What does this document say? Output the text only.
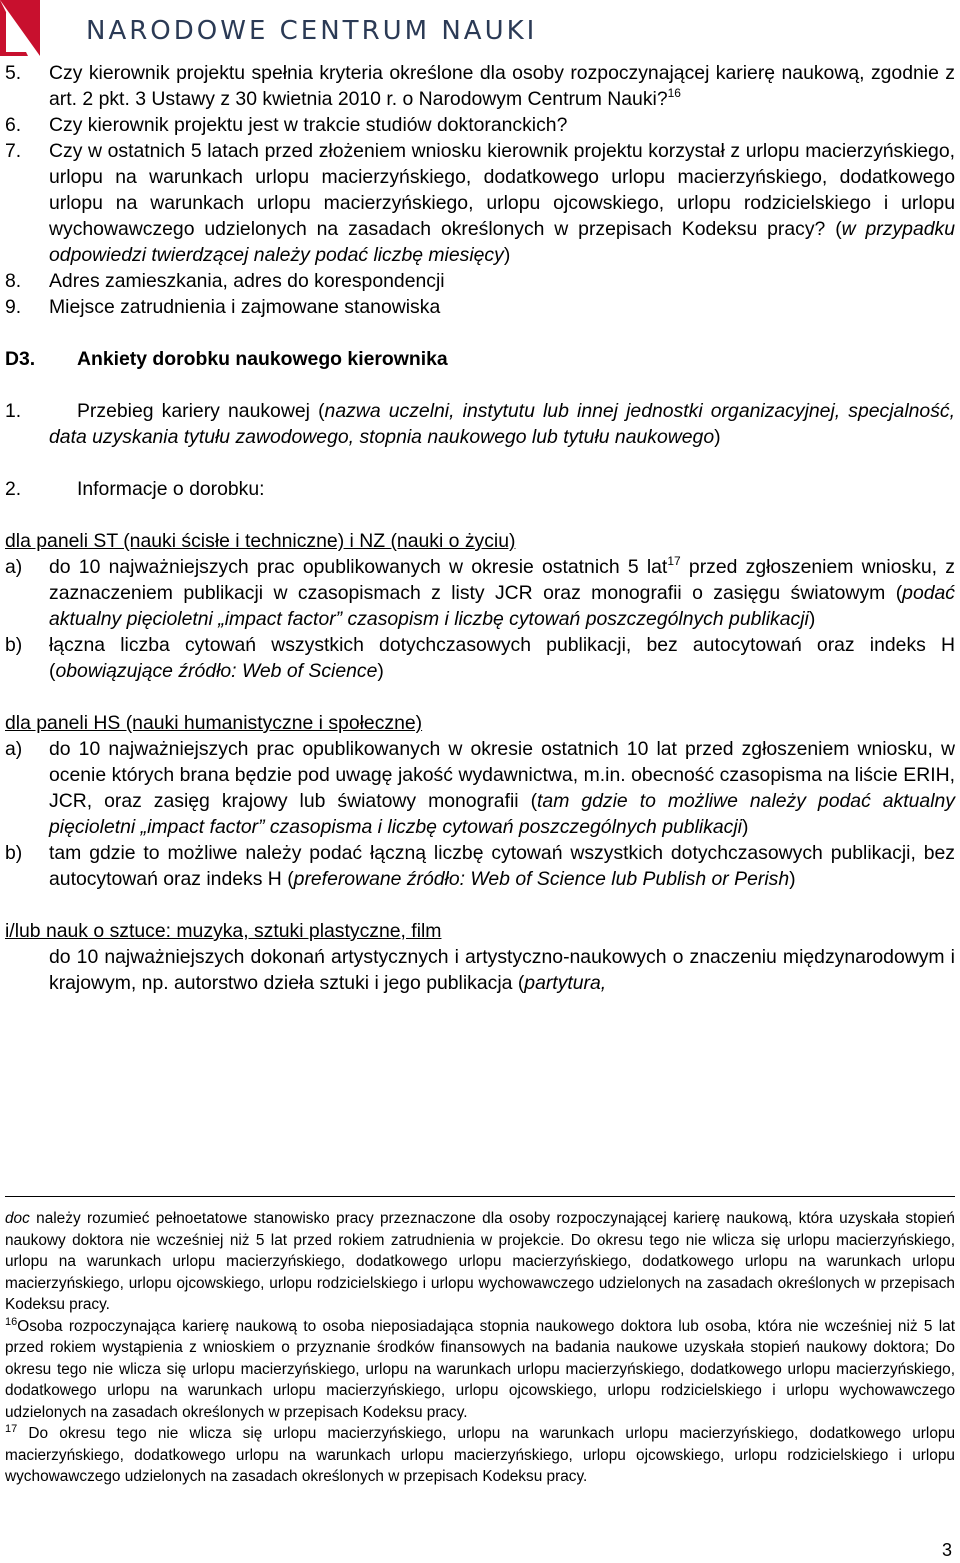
NARODOWE CENTRUM NAUKI
5. Czy kierownik projektu spełnia kryteria określone dla osoby rozpoczynającej karierę naukową, zgodnie z art. 2 pkt. 3 Ustawy z 30 kwietnia 2010 r. o Narodowym Centrum Nauki?$^{16}$
6. Czy kierownik projektu jest w trakcie studiów doktoranckich?
7. Czy w ostatnich 5 latach przed złożeniem wniosku kierownik projektu korzystał z urlopu macierzyńskiego, urlopu na warunkach urlopu macierzyńskiego, dodatkowego urlopu macierzyńskiego, dodatkowego urlopu na warunkach urlopu macierzyńskiego, urlopu ojcowskiego, urlopu rodzicielskiego i urlopu wychowawczego udzielonych na zasadach określonych w przepisach Kodeksu pracy? (w przypadku odpowiedzi twierdzącej należy podać liczbę miesięcy)
8. Adres zamieszkania, adres do korespondencji
9. Miejsce zatrudnienia i zajmowane stanowiska
D3. Ankiety dorobku naukowego kierownika
1.	Przebieg kariery naukowej (nazwa uczelni, instytutu lub innej jednostki organizacyjnej, specjalność, data uzyskania tytułu zawodowego, stopnia naukowego lub tytułu naukowego)
2.	Informacje o dorobku:

dla paneli ST (nauki ścisłe i techniczne) i NZ (nauki o życiu)

a) do 10 najważniejszych prac opublikowanych w okresie ostatnich 5 lat$^{17}$ przed zgłoszeniem wniosku, z zaznaczeniem publikacji w czasopismach z listy JCR oraz monografii o zasięgu światowym (podać aktualny pięcioletni „impact factor” czasopism i liczbę cytowań poszczególnych publikacji)
b) łączna liczba cytowań wszystkich dotychczasowych publikacji, bez autocytowań oraz indeks H (obowiązujące źródło: Web of Science)

dla paneli HS (nauki humanistyczne i społeczne)

a) do 10 najważniejszych prac opublikowanych w okresie ostatnich 10 lat przed zgłoszeniem wniosku, w ocenie których brana będzie pod uwagę jakość wydawnictwa, m.in. obecność czasopisma na liście ERIH, JCR, oraz zasięg krajowy lub światowy monografii (tam gdzie to możliwe należy podać aktualny pięcioletni „impact factor” czasopisma i liczbę cytowań poszczególnych publikacji)
b) tam gdzie to możliwe należy podać łączną liczbę cytowań wszystkich dotychczasowych publikacji, bez autocytowań oraz indeks H (preferowane źródło: Web of Science lub Publish or Perish)

i/lub nauk o sztuce: muzyka, sztuki plastyczne, film

do 10 najważniejszych dokonań artystycznych i artystyczno-naukowych o znaczeniu międzynarodowym i krajowym, np. autorstwo dzieła sztuki i jego publikacja (partytura,

doc należy rozumieć pełnoetatowe stanowisko pracy przeznaczone dla osoby rozpoczynającej karierę naukową, która uzyskała stopień naukowy doktora nie wcześniej niż 5 lat przed rokiem zatrudnienia w projekcie. Do okresu tego nie wlicza się urlopu macierzyńskiego, urlopu na warunkach urlopu macierzyńskiego, dodatkowego urlopu macierzyńskiego, dodatkowego urlopu na warunkach urlopu macierzyńskiego, urlopu ojcowskiego, urlopu rodzicielskiego i urlopu wychowawczego udzielonych na zasadach określonych w przepisach Kodeksu pracy.

$^{16}$Osoba rozpoczynająca karierę naukową to osoba nieposiadająca stopnia naukowego doktora lub osoba, która nie wcześniej niż 5 lat przed rokiem wystąpienia z wnioskiem o przyznanie środków finansowych na badania naukowe uzyskała stopień naukowy doktora; Do okresu tego nie wlicza się urlopu macierzyńskiego, urlopu na warunkach urlopu macierzyńskiego, dodatkowego urlopu macierzyńskiego, dodatkowego urlopu na warunkach urlopu macierzyńskiego, urlopu ojcowskiego, urlopu rodzicielskiego i urlopu wychowawczego udzielonych na zasadach określonych w przepisach Kodeksu pracy.

$^{17}$ Do okresu tego nie wlicza się urlopu macierzyńskiego, urlopu na warunkach urlopu macierzyńskiego, dodatkowego urlopu macierzyńskiego, dodatkowego urlopu na warunkach urlopu macierzyńskiego, urlopu ojcowskiego, urlopu rodzicielskiego i urlopu wychowawczego udzielonych na zasadach określonych w przepisach Kodeksu pracy.

3
